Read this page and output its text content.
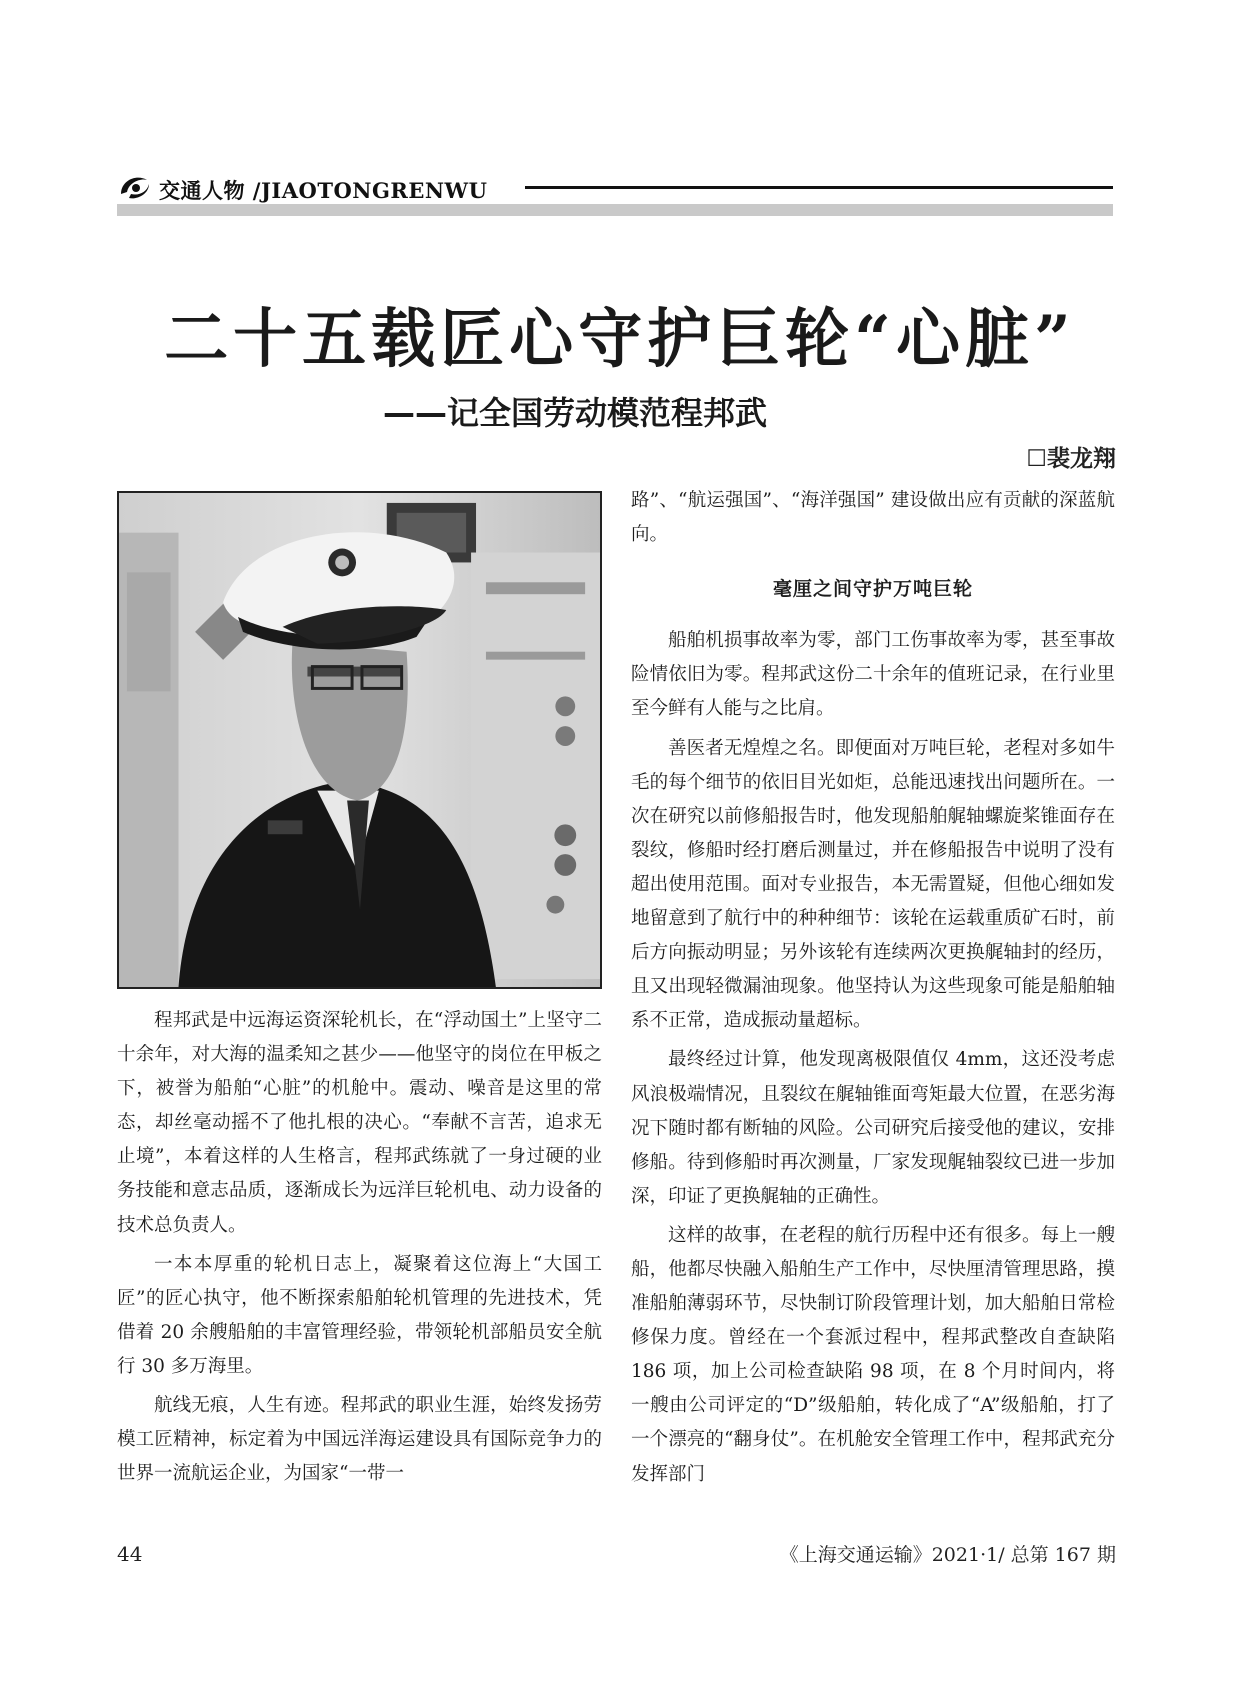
交通人物 /JIAOTONGRENWU
二十五载匠心守护巨轮“心脏”
——记全国劳动模范程邦武
☐裴龙翔

程邦武是中远海运资深轮机长，在“浮动国土”上坚守二十余年，对大海的温柔知之甚少——他坚守的岗位在甲板之下，被誉为船舶“心脏”的机舱中。震动、噪音是这里的常态，却丝毫动摇不了他扎根的决心。“奉献不言苦，追求无止境”，本着这样的人生格言，程邦武练就了一身过硬的业务技能和意志品质，逐渐成长为远洋巨轮机电、动力设备的技术总负责人。

一本本厚重的轮机日志上，凝聚着这位海上“大国工匠”的匠心执守，他不断探索船舶轮机管理的先进技术，凭借着 20 余艘船舶的丰富管理经验，带领轮机部船员安全航行 30 多万海里。

航线无痕，人生有迹。程邦武的职业生涯，始终发扬劳模工匠精神，标定着为中国远洋海运建设具有国际竞争力的世界一流航运企业，为国家“一带一

路”、“航运强国”、“海洋强国” 建设做出应有贡献的深蓝航向。

毫厘之间守护万吨巨轮

船舶机损事故率为零，部门工伤事故率为零，甚至事故险情依旧为零。程邦武这份二十余年的值班记录，在行业里至今鲜有人能与之比肩。

善医者无煌煌之名。即便面对万吨巨轮，老程对多如牛毛的每个细节的依旧目光如炬，总能迅速找出问题所在。一次在研究以前修船报告时，他发现船舶艉轴螺旋桨锥面存在裂纹，修船时经打磨后测量过，并在修船报告中说明了没有超出使用范围。面对专业报告，本无需置疑，但他心细如发地留意到了航行中的种种细节：该轮在运载重质矿石时，前后方向振动明显；另外该轮有连续两次更换艉轴封的经历，且又出现轻微漏油现象。他坚持认为这些现象可能是船舶轴系不正常，造成振动量超标。

最终经过计算，他发现离极限值仅 4mm，这还没考虑风浪极端情况，且裂纹在艉轴锥面弯矩最大位置，在恶劣海况下随时都有断轴的风险。公司研究后接受他的建议，安排修船。待到修船时再次测量，厂家发现艉轴裂纹已进一步加深，印证了更换艉轴的正确性。

这样的故事，在老程的航行历程中还有很多。每上一艘船，他都尽快融入船舶生产工作中，尽快厘清管理思路，摸准船舶薄弱环节，尽快制订阶段管理计划，加大船舶日常检修保力度。曾经在一个套派过程中，程邦武整改自查缺陷 186 项，加上公司检查缺陷 98 项，在 8 个月时间内，将一艘由公司评定的“D”级船舶，转化成了“A”级船舶，打了一个漂亮的“翻身仗”。在机舱安全管理工作中，程邦武充分发挥部门

44	《上海交通运输》2021·1/ 总第 167 期
